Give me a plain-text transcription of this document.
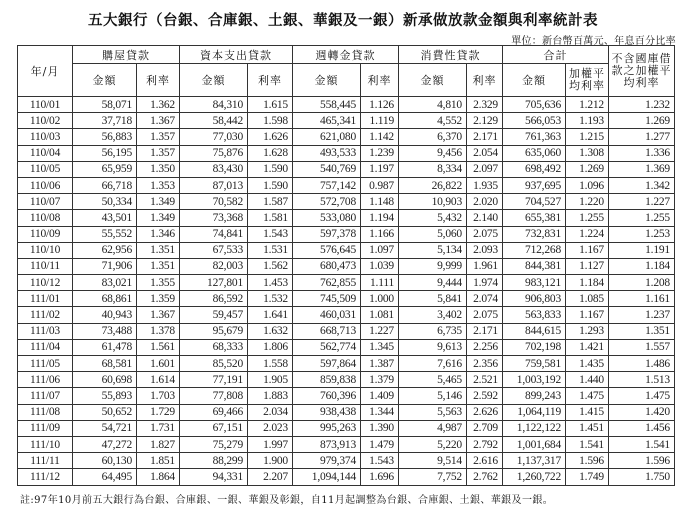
五大銀行（台銀、合庫銀、土銀、華銀及一銀）新承做放款金額與利率統計表
單位：新台幣百萬元、年息百分比率
年/月	購屋貸款		資本支出貸款		週轉金貸款		消費性貸款		合計		不含國庫借
款之加權平
均利率
	金額	利率	金額	利率	金額	利率	金額	利率	金額	加權平
均利率	
110/01	58,071	1.362	84,310	1.615	558,445	1.126	4,810	2.329	705,636	1.212	1.232
110/02	37,718	1.367	58,442	1.598	465,341	1.119	4,552	2.129	566,053	1.193	1.269
110/03	56,883	1.357	77,030	1.626	621,080	1.142	6,370	2.171	761,363	1.215	1.277
110/04	56,195	1.357	75,876	1.628	493,533	1.239	9,456	2.054	635,060	1.308	1.336
110/05	65,959	1.350	83,430	1.590	540,769	1.197	8,334	2.097	698,492	1.269	1.369
110/06	66,718	1.353	87,013	1.590	757,142	0.987	26,822	1.935	937,695	1.096	1.342
110/07	50,334	1.349	70,582	1.587	572,708	1.148	10,903	2.020	704,527	1.220	1.227
110/08	43,501	1.349	73,368	1.581	533,080	1.194	5,432	2.140	655,381	1.255	1.255
110/09	55,552	1.346	74,841	1.543	597,378	1.166	5,060	2.075	732,831	1.224	1.253
110/10	62,956	1.351	67,533	1.531	576,645	1.097	5,134	2.093	712,268	1.167	1.191
110/11	71,906	1.351	82,003	1.562	680,473	1.039	9,999	1.961	844,381	1.127	1.184
110/12	83,021	1.355	127,801	1.453	762,855	1.111	9,444	1.974	983,121	1.184	1.208
111/01	68,861	1.359	86,592	1.532	745,509	1.000	5,841	2.074	906,803	1.085	1.161
111/02	40,943	1.367	59,457	1.641	460,031	1.081	3,402	2.075	563,833	1.167	1.237
111/03	73,488	1.378	95,679	1.632	668,713	1.227	6,735	2.171	844,615	1.293	1.351
111/04	61,478	1.561	68,333	1.806	562,774	1.345	9,613	2.256	702,198	1.421	1.557
111/05	68,581	1.601	85,520	1.558	597,864	1.387	7,616	2.356	759,581	1.435	1.486
111/06	60,698	1.614	77,191	1.905	859,838	1.379	5,465	2.521	1,003,192	1.440	1.513
111/07	55,893	1.703	77,808	1.883	760,396	1.409	5,146	2.592	899,243	1.475	1.475
111/08	50,652	1.729	69,466	2.034	938,438	1.344	5,563	2.626	1,064,119	1.415	1.420
111/09	54,721	1.731	67,151	2.023	995,263	1.390	4,987	2.709	1,122,122	1.451	1.456
111/10	47,272	1.827	75,279	1.997	873,913	1.479	5,220	2.792	1,001,684	1.541	1.541
111/11	60,130	1.851	88,299	1.900	979,374	1.543	9,514	2.616	1,137,317	1.596	1.596
111/12	64,495	1.864	94,331	2.207	1,094,144	1.696	7,752	2.762	1,260,722	1.749	1.750
註:97年10月前五大銀行為台銀、合庫銀、一銀、華銀及彰銀，自11月起調整為台銀、合庫銀、土銀、華銀及一銀。
